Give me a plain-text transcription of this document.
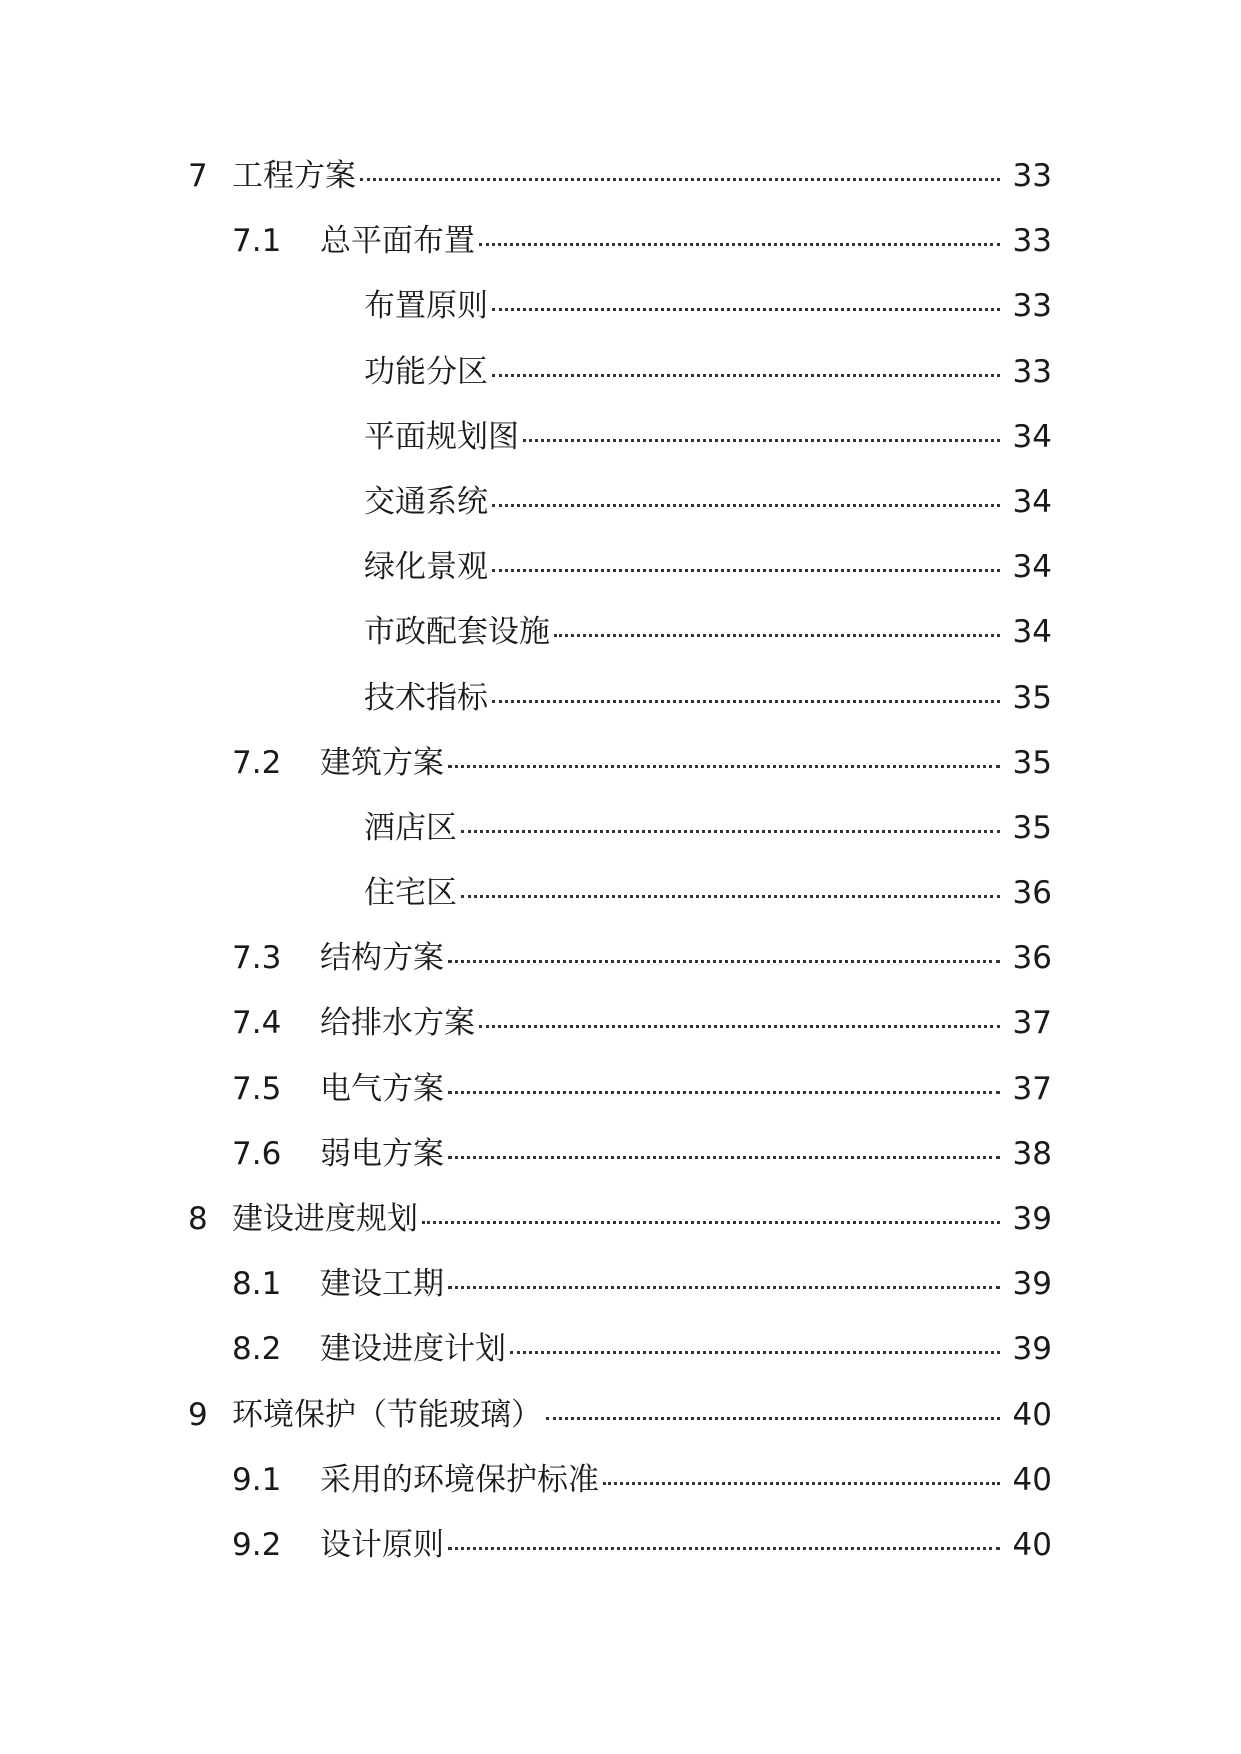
7 工程方案	33
7.1	总平面布置	33
布置原则	33
功能分区	33
平面规划图	34
交通系统	34
绿化景观	34
市政配套设施	34
技术指标	35
7.2	建筑方案	35
酒店区	35
住宅区	36
7.3	结构方案	36
7.4	给排水方案	37
7.5	电气方案	37
7.6	弱电方案	38
8 建设进度规划	39
8.1	建设工期	39
8.2	建设进度计划	39
9 环境保护（节能玻璃）	40
9.1	采用的环境保护标准	40
9.2	设计原则	40
